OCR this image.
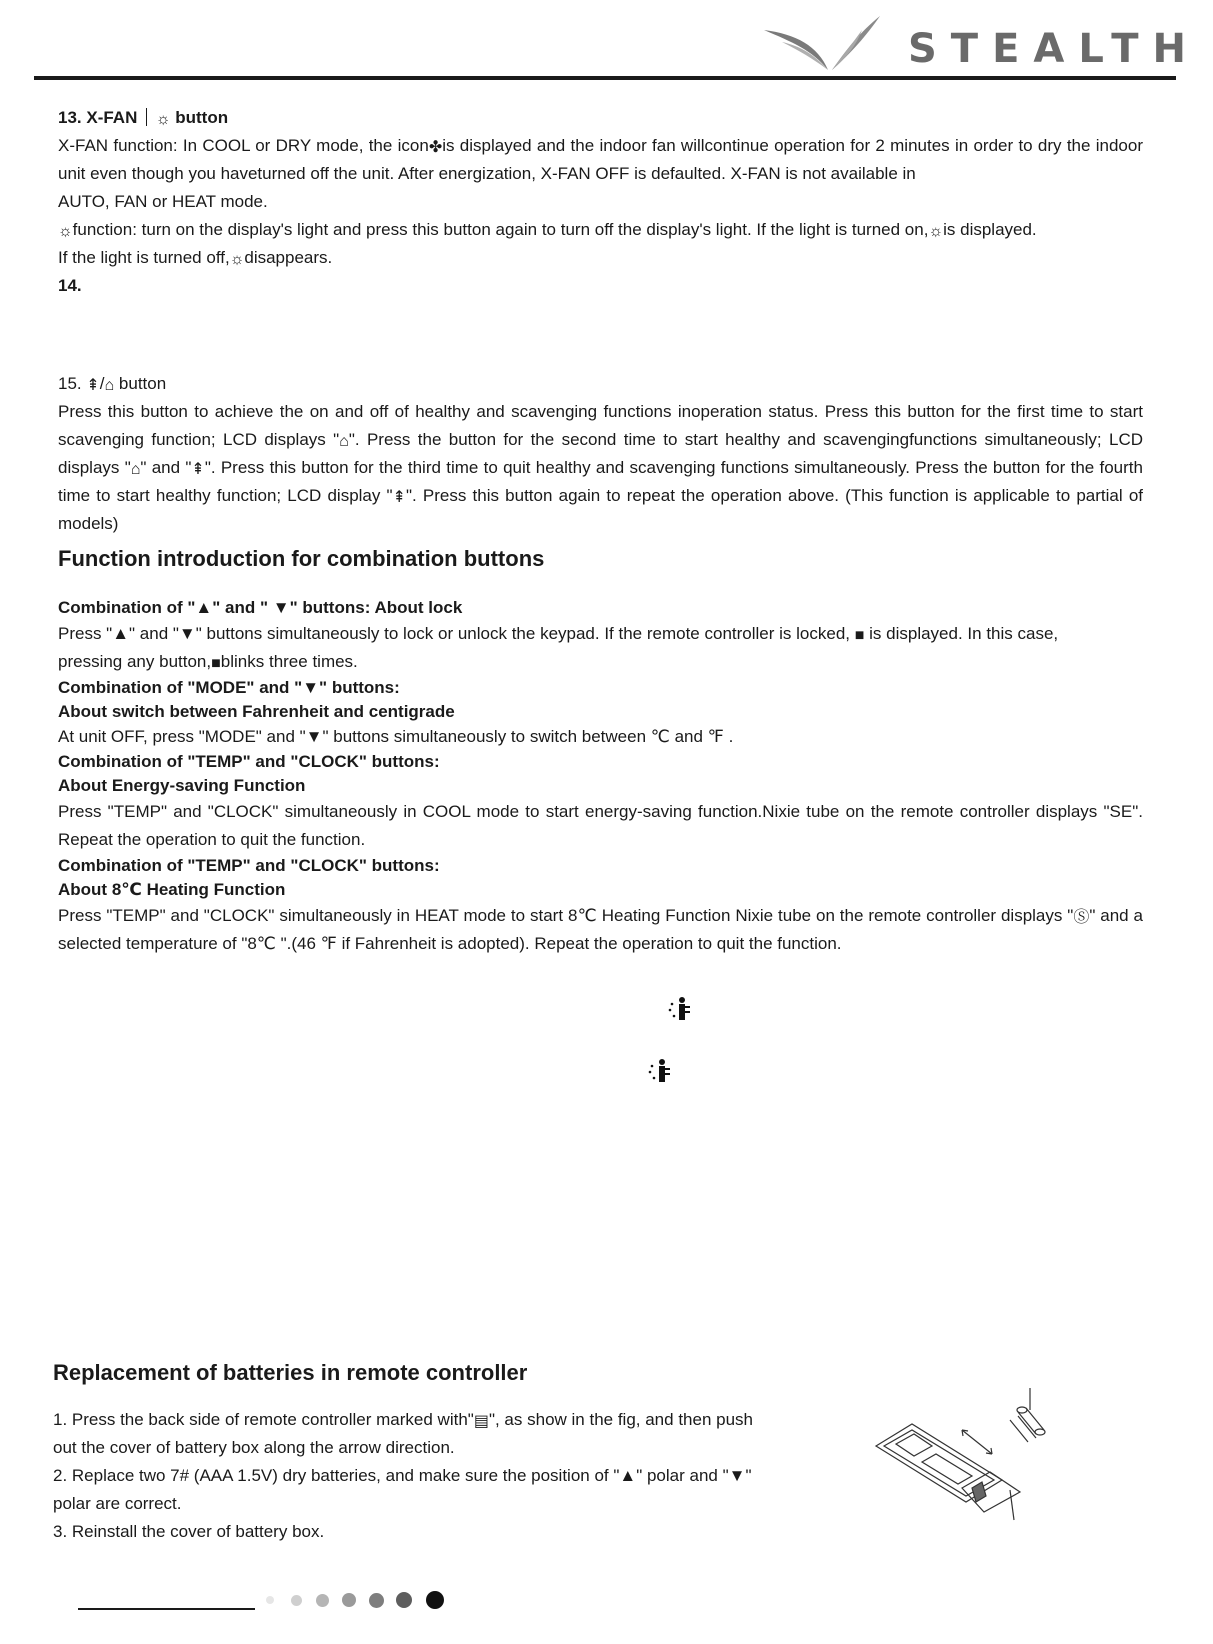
STEALTH

13. X-FAN ☼ button

X-FAN function: In COOL or DRY mode, the icon✤is displayed and the indoor fan willcontinue operation for 2 minutes in order to dry the indoor unit even though you haveturned off the unit. After energization, X-FAN OFF is defaulted. X-FAN is not available in

AUTO, FAN or HEAT mode.

☼function: turn on the display's light and press this button again to turn off the display's light. If the light is turned on,☼is displayed.

If the light is turned off,☼disappears.

14.

15. ⇞/⌂ button

Press this button to achieve the on and off of healthy and scavenging functions inoperation status. Press this button for the first time to start scavenging function; LCD displays "⌂". Press the button for the second time to start healthy and scavengingfunctions simultaneously; LCD displays "⌂" and "⇞". Press this button for the third time to quit healthy and scavenging functions simultaneously. Press the button for the fourth time to start healthy function; LCD display "⇞". Press this button again to repeat the operation above. (This function is applicable to partial of models)

Function introduction for combination buttons

Combination of "▲" and " ▼" buttons: About lock

Press "▲" and "▼" buttons simultaneously to lock or unlock the keypad. If the remote controller is locked, ■ is displayed. In this case,

pressing any button,■blinks three times.

Combination of "MODE" and "▼" buttons:

About switch between Fahrenheit and centigrade

At unit OFF, press "MODE" and "▼" buttons simultaneously to switch between ℃ and ℉ .

Combination of "TEMP" and "CLOCK" buttons:

About Energy-saving Function

Press "TEMP" and "CLOCK" simultaneously in COOL mode to start energy-saving function.Nixie tube on the remote controller displays "SE". Repeat the operation to quit the function.

Combination of "TEMP" and "CLOCK" buttons:

About 8℃ Heating Function

Press "TEMP" and "CLOCK" simultaneously in HEAT mode to start 8℃ Heating Function Nixie tube on the remote controller displays "Ⓢ" and a selected temperature of "8℃ ".(46 ℉ if Fahrenheit is adopted). Repeat the operation to quit the function.

Replacement of batteries in remote controller

1. Press the back side of remote controller marked with"▤", as show in the fig, and then push out the cover of battery box along the arrow direction.

2. Replace two 7# (AAA 1.5V) dry batteries, and make sure the position of "▲" polar and "▼" polar are correct.

3. Reinstall the cover of battery box.
